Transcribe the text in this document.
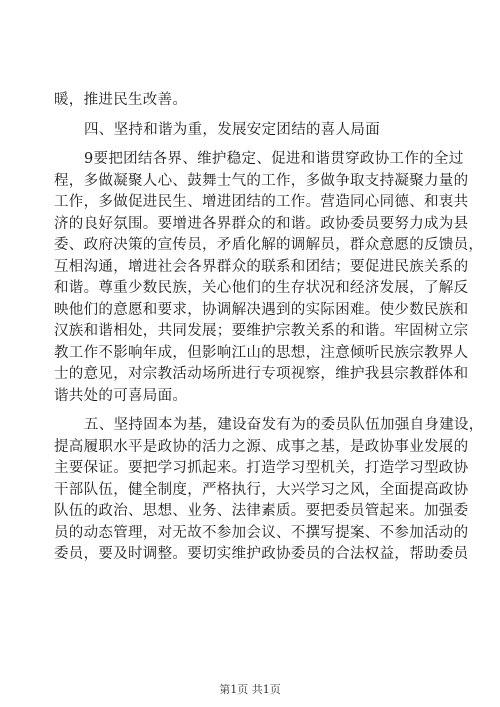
暖，推进民生改善。
四、坚持和谐为重，发展安定团结的喜人局面
9要把团结各界、维护稳定、促进和谐贯穿政协工作的全过
程，多做凝聚人心、鼓舞士气的工作，多做争取支持凝聚力量的
工作，多做促进民生、增进团结的工作。营造同心同德、和衷共
济的良好氛围。要增进各界群众的和谐。政协委员要努力成为县
委、政府决策的宣传员，矛盾化解的调解员，群众意愿的反馈员，
互相沟通，增进社会各界群众的联系和团结；要促进民族关系的
和谐。尊重少数民族，关心他们的生存状况和经济发展，了解反
映他们的意愿和要求，协调解决遇到的实际困难。使少数民族和
汉族和谐相处，共同发展；要维护宗教关系的和谐。牢固树立宗
教工作不影响年成，但影响江山的思想，注意倾听民族宗教界人
士的意见，对宗教活动场所进行专项视察，维护我县宗教群体和
谐共处的可喜局面。
五、坚持固本为基，建设奋发有为的委员队伍加强自身建设，
提高履职水平是政协的活力之源、成事之基，是政协事业发展的
主要保证。要把学习抓起来。打造学习型机关，打造学习型政协
干部队伍，健全制度，严格执行，大兴学习之风，全面提高政协
队伍的政治、思想、业务、法律素质。要把委员管起来。加强委
员的动态管理，对无故不参加会议、不撰写提案、不参加活动的
委员，要及时调整。要切实维护政协委员的合法权益，帮助委员
第1页 共1页
